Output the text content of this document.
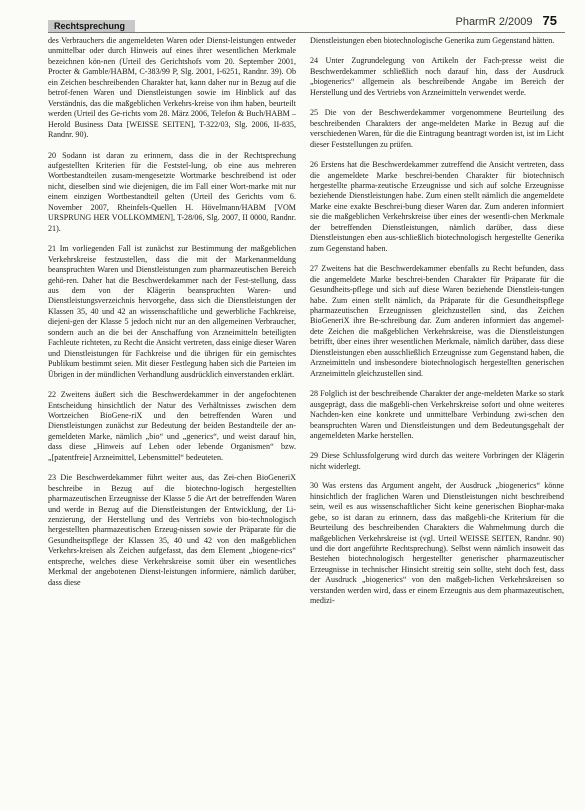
Rechtsprechung	PharmR 2/2009 75

des Verbrauchers die angemeldeten Waren oder Dienst-leistungen entweder unmittelbar oder durch Hinweis auf eines ihrer wesentlichen Merkmale bezeichnen kön-nen (Urteil des Gerichtshofs vom 20. September 2001, Procter & Gamble/HABM, C-383/99 P, Slg. 2001, I-6251, Randnr. 39). Ob ein Zeichen beschreibenden Charakter hat, kann daher nur in Bezug auf die betrof-fenen Waren und Dienstleistungen sowie im Hinblick auf das Verständnis, das die maßgeblichen Verkehrs-kreise von ihm haben, beurteilt werden (Urteil des Ge-richts vom 28. März 2006, Telefon & Buch/HABM – Herold Business Data [WEISSE SEITEN], T-322/03, Slg. 2006, II-835, Randnr. 90).

20 Sodann ist daran zu erinnern, dass die in der Rechtsprechung aufgestellten Kriterien für die Feststel-lung, ob eine aus mehreren Wortbestandteilen zusam-mengesetzte Wortmarke beschreibend ist oder nicht, dieselben sind wie diejenigen, die im Fall einer Wort-marke mit nur einem einzigen Wortbestandteil gelten (Urteil des Gerichts vom 6. November 2007, Rheinfels-Quellen H. Hövelmann/HABM [VOM URSPRUNG HER VOLLKOMMEN], T-28/06, Slg. 2007, II 0000, Randnr. 21).

21 Im vorliegenden Fall ist zunächst zur Bestimmung der maßgeblichen Verkehrskreise festzustellen, dass die mit der Markenanmeldung beanspruchten Waren und Dienstleistungen zum pharmazeutischen Bereich gehö-ren. Daher hat die Beschwerdekammer nach der Fest-stellung, dass aus dem von der Klägerin beanspruchten Waren- und Dienstleistungsverzeichnis hervorgehe, dass sich die Dienstleistungen der Klassen 35, 40 und 42 an wissenschaftliche und gewerbliche Fachkreise, diejeni-gen der Klasse 5 jedoch nicht nur an den allgemeinen Verbraucher, sondern auch an die bei der Anschaffung von Arzneimitteln beteiligten Fachleute richteten, zu Recht die Ansicht vertreten, dass einige dieser Waren und Dienstleistungen für Fachkreise und die übrigen für ein gemischtes Publikum bestimmt seien. Mit dieser Festlegung haben sich die Parteien im Übrigen in der mündlichen Verhandlung ausdrücklich einverstanden erklärt.

22 Zweitens äußert sich die Beschwerdekammer in der angefochtenen Entscheidung hinsichtlich der Natur des Verhältnisses zwischen dem Wortzeichen BioGene-riX und den betreffenden Waren und Dienstleistungen zunächst zur Bedeutung der beiden Bestandteile der an-gemeldeten Marke, nämlich „bio“ und „generics“, und weist darauf hin, dass diese „Hinweis auf Leben oder lebende Organismen“ bzw. „[patentfreie] Arzneimittel, Lebensmittel“ bedeuteten.

23 Die Beschwerdekammer führt weiter aus, das Zei-chen BioGeneriX beschreibe in Bezug auf die biotechno-logisch hergestellten pharmazeutischen Erzeugnisse der Klasse 5 die Art der betreffenden Waren und werde in Bezug auf die Dienstleistungen der Entwicklung, der Li-zenzierung, der Herstellung und des Vertriebs von bio-technologisch hergestellten pharmazeutischen Erzeug-nissen sowie der Präparate für die Gesundheitspflege der Klassen 35, 40 und 42 von den maßgeblichen Verkehrs-kreisen als Zeichen aufgefasst, das dem Element „biogene-rics“ entspreche, welches diese Verkehrskreise somit über ein wesentliches Merkmal der angebotenen Dienst-leistungen informiere, nämlich darüber, dass diese

Dienstleistungen eben biotechnologische Generika zum Gegenstand hätten.

24 Unter Zugrundelegung von Artikeln der Fach-presse weist die Beschwerdekammer schließlich noch darauf hin, dass der Ausdruck „biogenerics“ allgemein als beschreibende Angabe im Bereich der Herstellung und des Vertriebs von Arzneimitteln verwendet werde.

25 Die von der Beschwerdekammer vorgenommene Beurteilung des beschreibenden Charakters der ange-meldeten Marke in Bezug auf die verschiedenen Waren, für die die Eintragung beantragt worden ist, ist im Licht dieser Feststellungen zu prüfen.

26 Erstens hat die Beschwerdekammer zutreffend die Ansicht vertreten, dass die angemeldete Marke beschrei-benden Charakter für biotechnisch hergestellte pharma-zeutische Erzeugnisse und sich auf solche Erzeugnisse beziehende Dienstleistungen habe. Zum einen stellt nämlich die angemeldete Marke eine exakte Beschrei-bung dieser Waren dar. Zum anderen informiert sie die maßgeblichen Verkehrskreise über eines der wesentli-chen Merkmale der betreffenden Dienstleistungen, nämlich darüber, dass diese Dienstleistungen eben aus-schließlich biotechnologisch hergestellte Generika zum Gegenstand haben.

27 Zweitens hat die Beschwerdekammer ebenfalls zu Recht befunden, dass die angemeldete Marke beschrei-benden Charakter für Präparate für die Gesundheits-pflege und sich auf diese Waren beziehende Dienstleis-tungen habe. Zum einen stellt nämlich, da Präparate für die Gesundheitspflege pharmazeutischen Erzeugnissen gleichzustellen sind, das Zeichen BioGeneriX ihre Be-schreibung dar. Zum anderen informiert das angemel-dete Zeichen die maßgeblichen Verkehrskreise, was die Dienstleistungen betrifft, über eines ihrer wesentlichen Merkmale, nämlich darüber, dass diese Dienstleistungen eben ausschließlich Erzeugnisse zum Gegenstand haben, die Arzneimitteln und insbesondere biotechnologisch hergestellten generischen Arzneimitteln gleichzustellen sind.

28 Folglich ist der beschreibende Charakter der ange-meldeten Marke so stark ausgeprägt, dass die maßgebli-chen Verkehrskreise sofort und ohne weiteres Nachden-ken eine konkrete und unmittelbare Verbindung zwi-schen den beanspruchten Waren und Dienstleistungen und dem Bedeutungsgehalt der angemeldeten Marke herstellen.

29 Diese Schlussfolgerung wird durch das weitere Vorbringen der Klägerin nicht widerlegt.

30 Was erstens das Argument angeht, der Ausdruck „biogenerics“ könne hinsichtlich der fraglichen Waren und Dienstleistungen nicht beschreibend sein, weil es aus wissenschaftlicher Sicht keine generischen Biophar-maka gebe, so ist daran zu erinnern, dass das maßgebli-che Kriterium für die Beurteilung des beschreibenden Charakters die Wahrnehmung durch die maßgeblichen Verkehrskreise ist (vgl. Urteil WEISSE SEITEN, Randnr. 90) und die dort angeführte Rechtsprechung). Selbst wenn nämlich insoweit das Bestehen biotechnologisch hergestellter generischer pharmazeutischer Erzeugnisse in technischer Hinsicht streitig sein sollte, steht doch fest, dass der Ausdruck „biogenerics“ von den maßgeb-lichen Verkehrskreisen so verstanden werden wird, dass er einem Erzeugnis aus dem pharmazeutischen, medizi-
